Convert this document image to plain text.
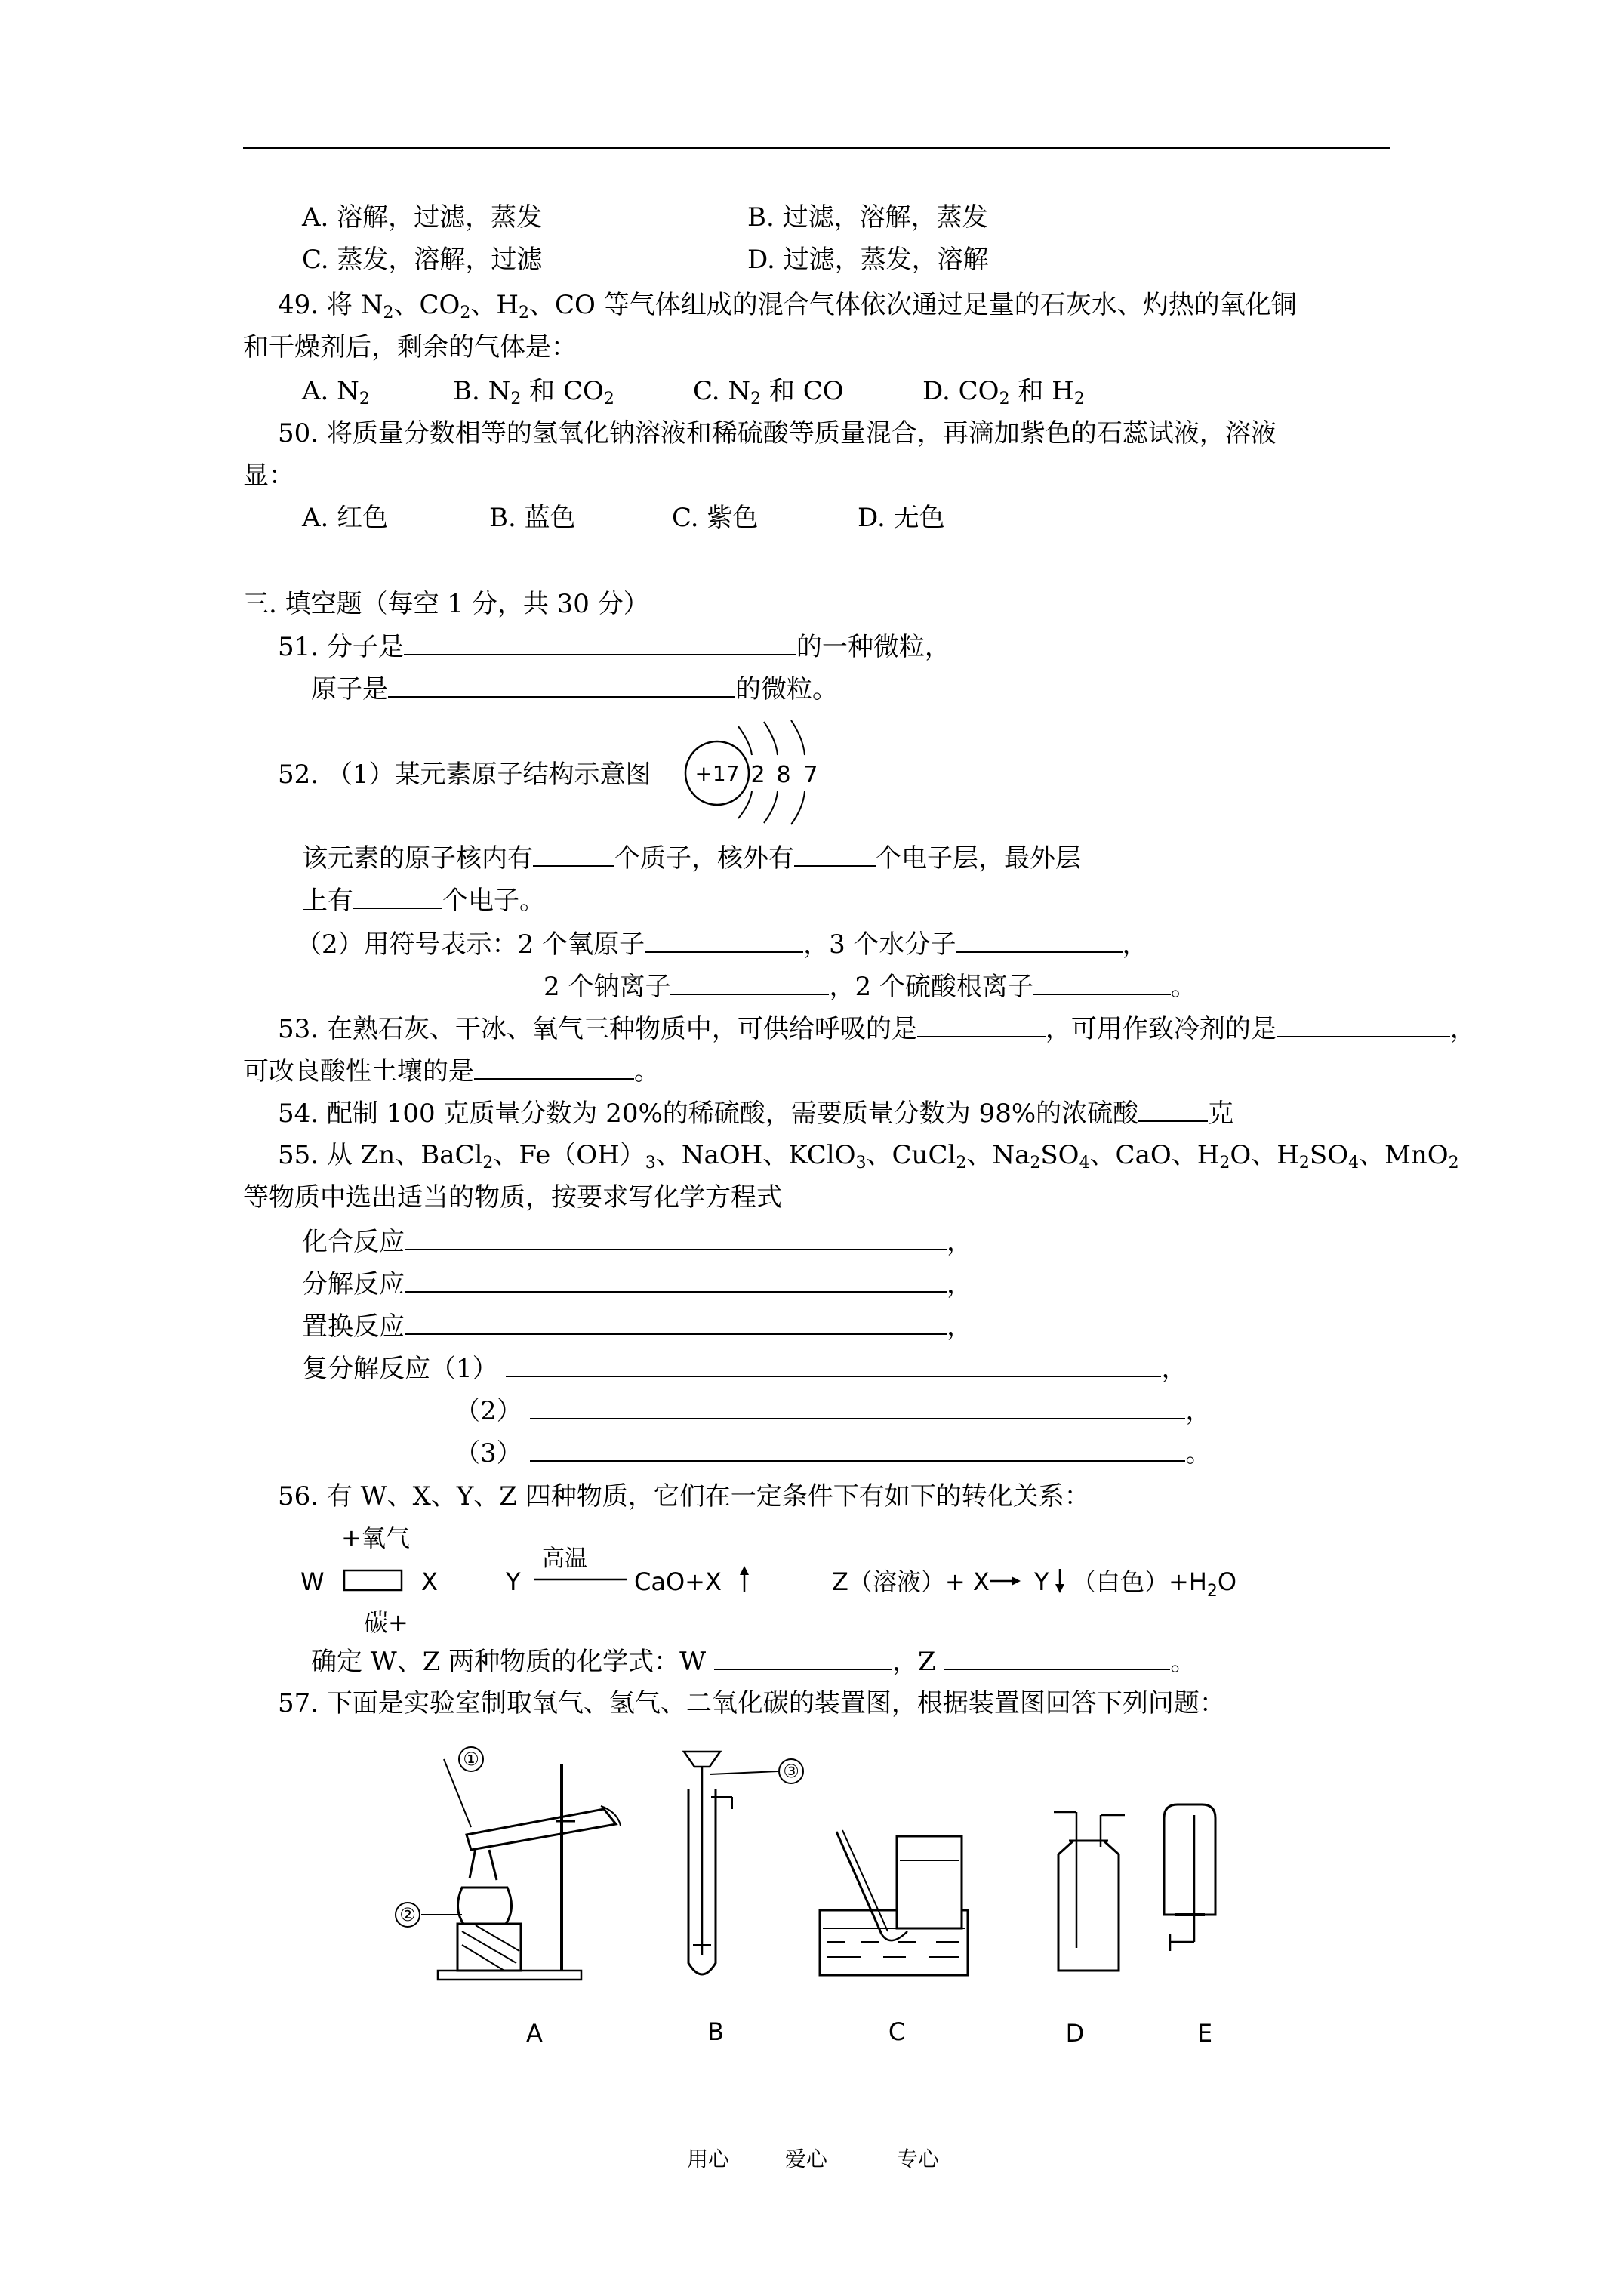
A. 溶解，过滤，蒸发	B. 过滤，溶解，蒸发
C. 蒸发，溶解，过滤	D. 过滤，蒸发，溶解
49. 将 $N_2$、$CO_2$、$H_2$、CO 等气体组成的混合气体依次通过足量的石灰水、灼热的氧化铜
和干燥剂后，剩余的气体是：
A. $N_2$	B. $N_2$ 和 $CO_2$	C. $N_2$ 和 CO	D. $CO_2$ 和 $H_2$
50. 将质量分数相等的氢氧化钠溶液和稀硫酸等质量混合，再滴加紫色的石蕊试液，溶液
显：
A. 红色	B. 蓝色	C. 紫色	D. 无色
三. 填空题（每空 1 分，共 30 分）
51. 分子是	的一种微粒，
原子是	的微粒。
52. （1）某元素原子结构示意图 +17 2 8 7
该元素的原子核内有	个质子，核外有	个电子层，最外层
上有	个电子。
（2）用符号表示：2 个氧原子	，3 个水分子	，
2 个钠离子	，2 个硫酸根离子	。
53. 在熟石灰、干冰、氧气三种物质中，可供给呼吸的是	，可用作致冷剂的是	，
可改良酸性土壤的是	。
54. 配制 100 克质量分数为 20%的稀硫酸，需要质量分数为 98%的浓硫酸	克
55. 从 Zn、BaCl$_2$、$Fe(OH)_3$、NaOH、KClO$_3$、CuCl$_2$、$Na_2SO_4$、CaO、$H_2O$、$H_2SO_4$、MnO$_2$
等物质中选出适当的物质，按要求写化学方程式
化合反应	，
分解反应	，
置换反应	，
复分解反应（1）	，
（2）	，
（3）	。
56. 有 W、X、Y、Z 四种物质，它们在一定条件下有如下的转化关系：
+氧气
W	X
碳+
Y
高温
CaO+X	Z（溶液）+ X Y （白色）$+H_2O$
确定 W、Z 两种物质的化学式：W	，Z	。
57. 下面是实验室制取氧气、氢气、二氧化碳的装置图，根据装置图回答下列问题：
①
②
③
A	B	C	D	E
用心	爱心	专心
